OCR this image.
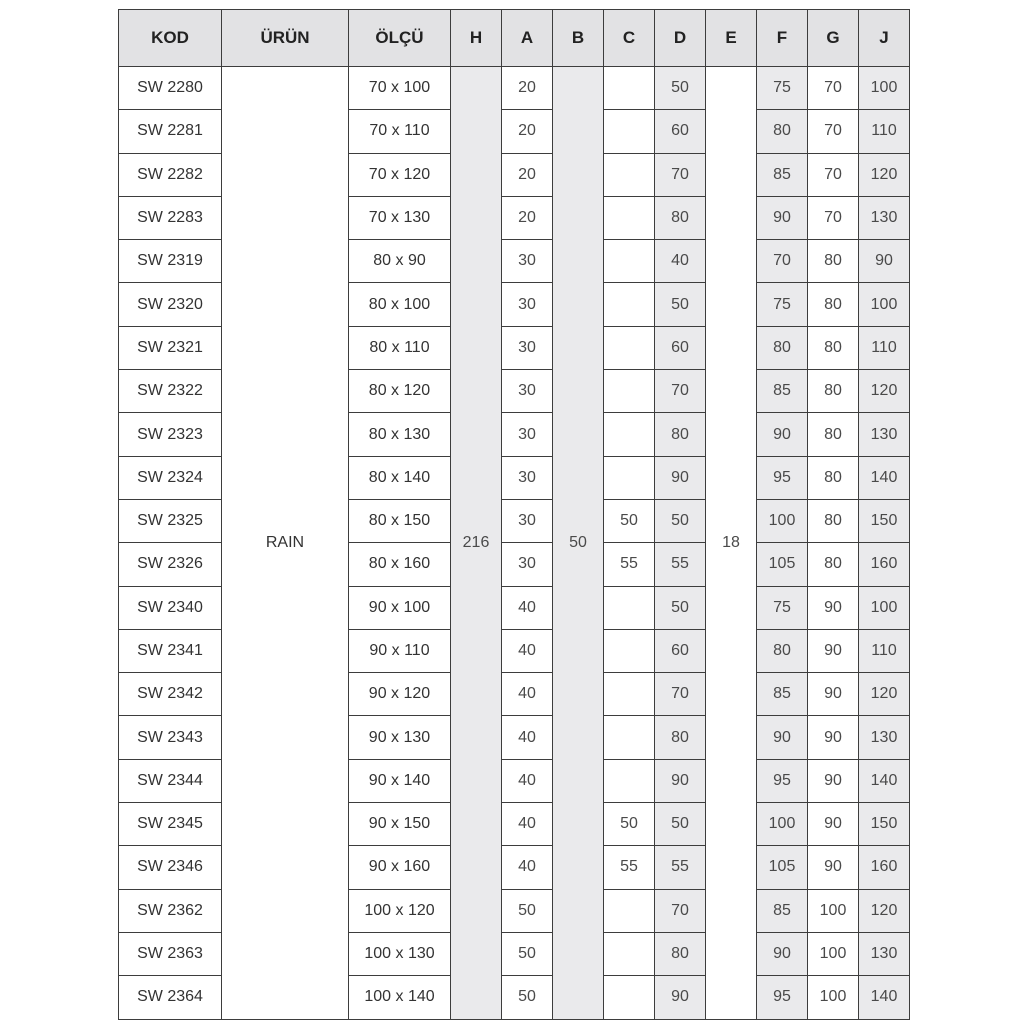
KOD	ÜRÜN	ÖLÇÜ	H	A	B	C	D	E	F	G	J
SW 2280	RAIN	70 x 100	216	20	50		50	18	75	70	100
SW 2281		70 x 110		20			60		80	70	110
SW 2282		70 x 120		20			70		85	70	120
SW 2283		70 x 130		20			80		90	70	130
SW 2319		80 x 90		30			40		70	80	90
SW 2320		80 x 100		30			50		75	80	100
SW 2321		80 x 110		30			60		80	80	110
SW 2322		80 x 120		30			70		85	80	120
SW 2323		80 x 130		30			80		90	80	130
SW 2324		80 x 140		30			90		95	80	140
SW 2325		80 x 150		30		50	50		100	80	150
SW 2326		80 x 160		30		55	55		105	80	160
SW 2340		90 x 100		40			50		75	90	100
SW 2341		90 x 110		40			60		80	90	110
SW 2342		90 x 120		40			70		85	90	120
SW 2343		90 x 130		40			80		90	90	130
SW 2344		90 x 140		40			90		95	90	140
SW 2345		90 x 150		40		50	50		100	90	150
SW 2346		90 x 160		40		55	55		105	90	160
SW 2362		100 x 120		50			70		85	100	120
SW 2363		100 x 130		50			80		90	100	130
SW 2364		100 x 140		50			90		95	100	140
